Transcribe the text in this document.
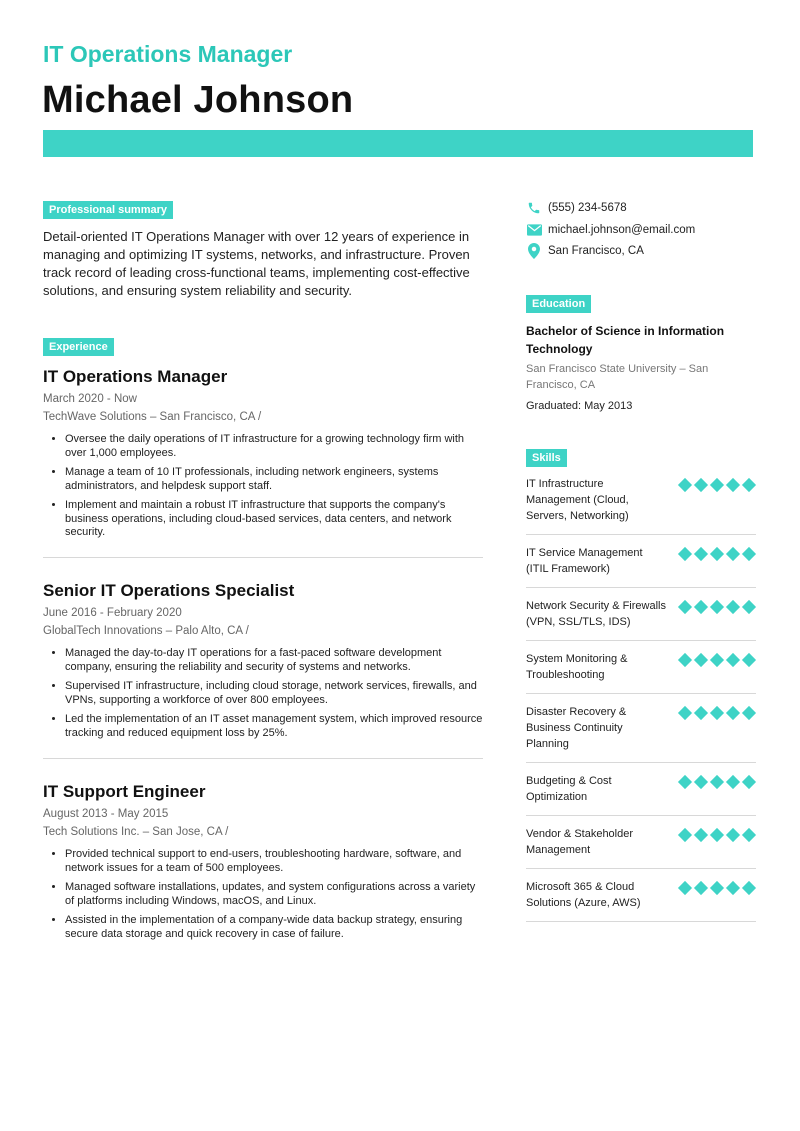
IT Operations Manager
Michael Johnson
Professional summary
Detail-oriented IT Operations Manager with over 12 years of experience in managing and optimizing IT systems, networks, and infrastructure. Proven track record of leading cross-functional teams, implementing cost-effective solutions, and ensuring system reliability and security.
Experience
IT Operations Manager
March 2020 - Now
TechWave Solutions – San Francisco, CA /
• Oversee the daily operations of IT infrastructure for a growing technology firm with over 1,000 employees.
• Manage a team of 10 IT professionals, including network engineers, systems administrators, and helpdesk support staff.
• Implement and maintain a robust IT infrastructure that supports the company's business operations, including cloud-based services, data centers, and network security.
Senior IT Operations Specialist
June 2016 - February 2020
GlobalTech Innovations – Palo Alto, CA /
• Managed the day-to-day IT operations for a fast-paced software development company, ensuring the reliability and security of systems and networks.
• Supervised IT infrastructure, including cloud storage, network services, firewalls, and VPNs, supporting a workforce of over 800 employees.
• Led the implementation of an IT asset management system, which improved resource tracking and reduced equipment loss by 25%.
IT Support Engineer
August 2013 - May 2015
Tech Solutions Inc. – San Jose, CA /
• Provided technical support to end-users, troubleshooting hardware, software, and network issues for a team of 500 employees.
• Managed software installations, updates, and system configurations across a variety of platforms including Windows, macOS, and Linux.
• Assisted in the implementation of a company-wide data backup strategy, ensuring secure data storage and quick recovery in case of failure.
(555) 234-5678
michael.johnson@email.com
San Francisco, CA
Education
Bachelor of Science in Information Technology
San Francisco State University – San Francisco, CA
Graduated: May 2013
Skills
IT Infrastructure Management (Cloud, Servers, Networking)
IT Service Management (ITIL Framework)
Network Security & Firewalls (VPN, SSL/TLS, IDS)
System Monitoring & Troubleshooting
Disaster Recovery & Business Continuity Planning
Budgeting & Cost Optimization
Vendor & Stakeholder Management
Microsoft 365 & Cloud Solutions (Azure, AWS)
